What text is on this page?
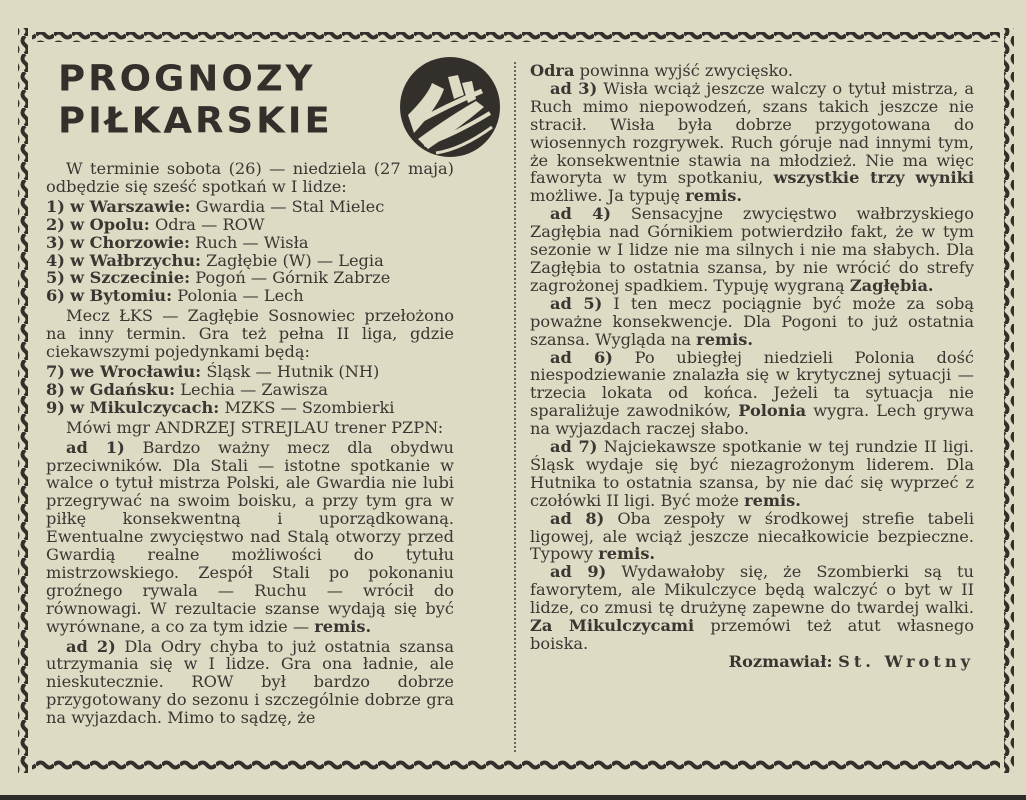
PROGNOZY
PIŁKARSKIE

W terminie sobota (26) — niedziela (27 maja) odbędzie się sześć spotkań w I lidze:

1) w Warszawie: Gwardia — Stal Mielec
2) w Opolu: Odra — ROW
3) w Chorzowie: Ruch — Wisła
4) w Wałbrzychu: Zagłębie (W) — Legia
5) w Szczecinie: Pogoń — Górnik Zabrze
6) w Bytomiu: Polonia — Lech

Mecz ŁKS — Zagłębie Sosnowiec przełożono na inny termin. Gra też pełna II liga, gdzie ciekawszymi pojedynkami będą:

7) we Wrocławiu: Śląsk — Hutnik (NH)
8) w Gdańsku: Lechia — Zawisza
9) w Mikulczycach: MZKS — Szombierki

Mówi mgr ANDRZEJ STREJLAU trener PZPN:

ad 1) Bardzo ważny mecz dla obydwu przeciwników. Dla Stali — istotne spotkanie w walce o tytuł mistrza Polski, ale Gwardia nie lubi przegrywać na swoim boisku, a przy tym gra w piłkę konsekwentną i uporządkowaną. Ewentualne zwycięstwo nad Stalą otworzy przed Gwardią realne możliwości do tytułu mistrzowskiego. Zespół Stali po pokonaniu groźnego rywala — Ruchu — wrócił do równowagi. W rezultacie szanse wydają się być wyrównane, a co za tym idzie — remis.

ad 2) Dla Odry chyba to już ostatnia szansa utrzymania się w I lidze. Gra ona ładnie, ale nieskutecznie. ROW był bardzo dobrze przygotowany do sezonu i szczególnie dobrze gra na wyjazdach. Mimo to sądzę, że

Odra powinna wyjść zwycięsko.

ad 3) Wisła wciąż jeszcze walczy o tytuł mistrza, a Ruch mimo niepowodzeń, szans takich jeszcze nie stracił. Wisła była dobrze przygotowana do wiosennych rozgrywek. Ruch góruje nad innymi tym, że konsekwentnie stawia na młodzież. Nie ma więc faworyta w tym spotkaniu, wszystkie trzy wyniki możliwe. Ja typuję remis.

ad 4) Sensacyjne zwycięstwo wałbrzyskiego Zagłębia nad Górnikiem potwierdziło fakt, że w tym sezonie w I lidze nie ma silnych i nie ma słabych. Dla Zagłębia to ostatnia szansa, by nie wrócić do strefy zagrożonej spadkiem. Typuję wygraną Zagłębia.

ad 5) I ten mecz pociągnie być może za sobą poważne konsekwencje. Dla Pogoni to już ostatnia szansa. Wygląda na remis.

ad 6) Po ubiegłej niedzieli Polonia dość niespodziewanie znalazła się w krytycznej sytuacji — trzecia lokata od końca. Jeżeli ta sytuacja nie sparaliżuje zawodników, Polonia wygra. Lech grywa na wyjazdach raczej słabo.

ad 7) Najciekawsze spotkanie w tej rundzie II ligi. Śląsk wydaje się być niezagrożonym liderem. Dla Hutnika to ostatnia szansa, by nie dać się wyprzeć z czołówki II ligi. Być może remis.

ad 8) Oba zespoły w środkowej strefie tabeli ligowej, ale wciąż jeszcze niecałkowicie bezpieczne. Typowy remis.

ad 9) Wydawałoby się, że Szombierki są tu faworytem, ale Mikulczyce będą walczyć o byt w II lidze, co zmusi tę drużynę zapewne do twardej walki. Za Mikulczycami przemówi też atut własnego boiska.

Rozmawiał: St. Wrotny
